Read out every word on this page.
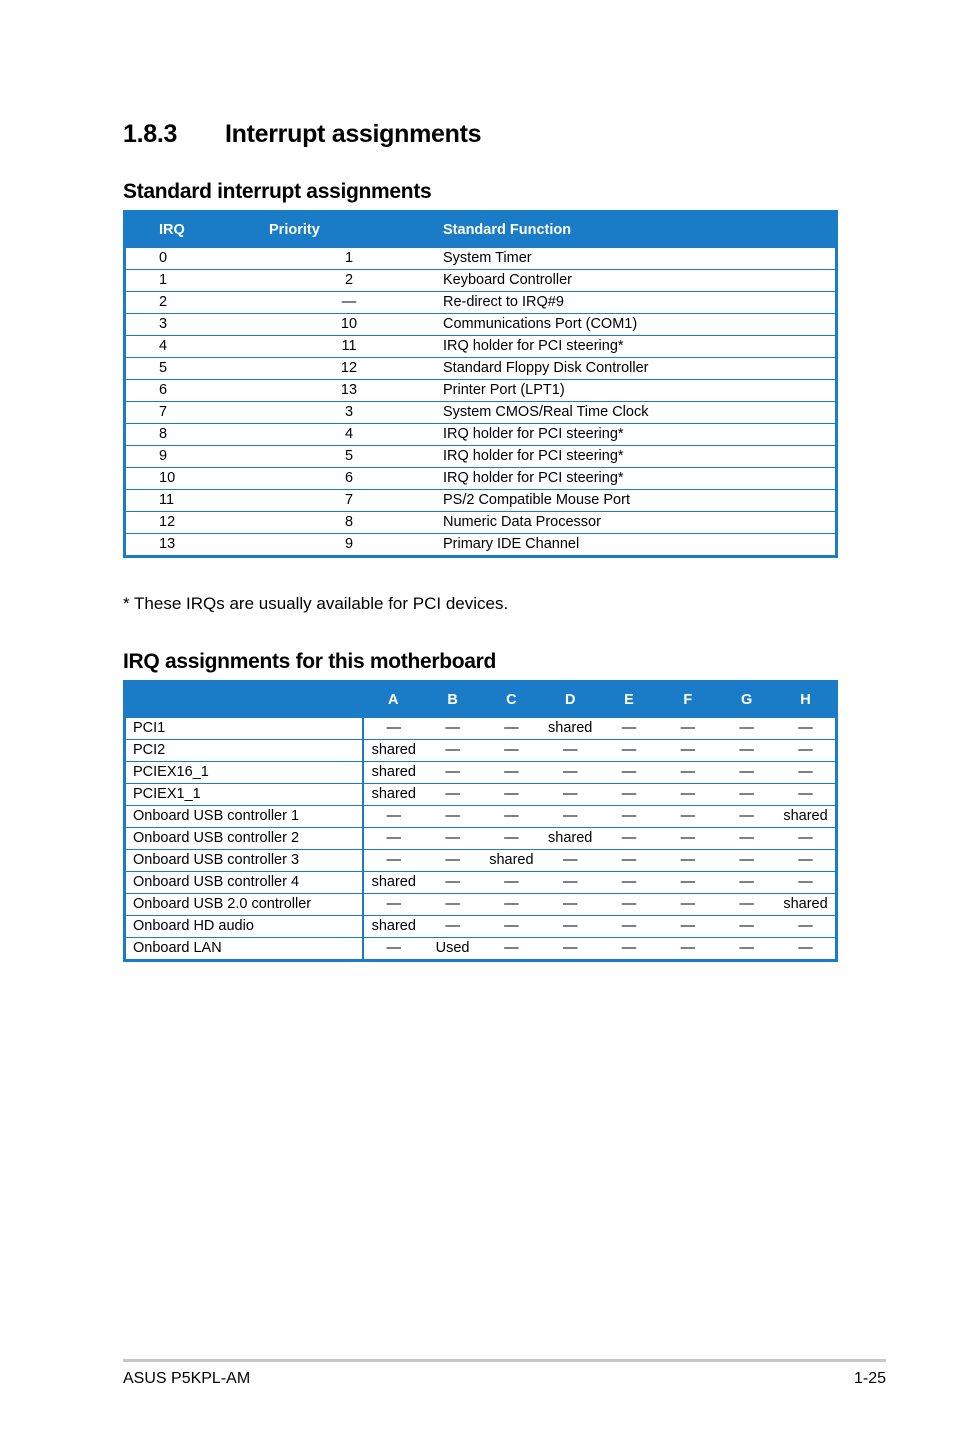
1.8.3 Interrupt assignments
Standard interrupt assignments
IRQ	Priority	Standard Function
0	1	System Timer
1	2	Keyboard Controller
2	—	Re-direct to IRQ#9
3	10	Communications Port (COM1)
4	11	IRQ holder for PCI steering*
5	12	Standard Floppy Disk Controller
6	13	Printer Port (LPT1)
7	3	System CMOS/Real Time Clock
8	4	IRQ holder for PCI steering*
9	5	IRQ holder for PCI steering*
10	6	IRQ holder for PCI steering*
11	7	PS/2 Compatible Mouse Port
12	8	Numeric Data Processor
13	9	Primary IDE Channel

* These IRQs are usually available for PCI devices.

IRQ assignments for this motherboard
	A	B	C	D	E	F	G	H
PCI1	—	—	—	shared	—	—	—	—
PCI2	shared	—	—	—	—	—	—	—
PCIEX16_1	shared	—	—	—	—	—	—	—
PCIEX1_1	shared	—	—	—	—	—	—	—
Onboard USB controller 1	—	—	—	—	—	—	—	shared
Onboard USB controller 2	—	—	—	shared	—	—	—	—
Onboard USB controller 3	—	—	shared	—	—	—	—	—
Onboard USB controller 4	shared	—	—	—	—	—	—	—
Onboard USB 2.0 controller	—	—	—	—	—	—	—	shared
Onboard HD audio	shared	—	—	—	—	—	—	—
Onboard LAN	—	Used	—	—	—	—	—	—
ASUS P5KPL-AM	1-25
